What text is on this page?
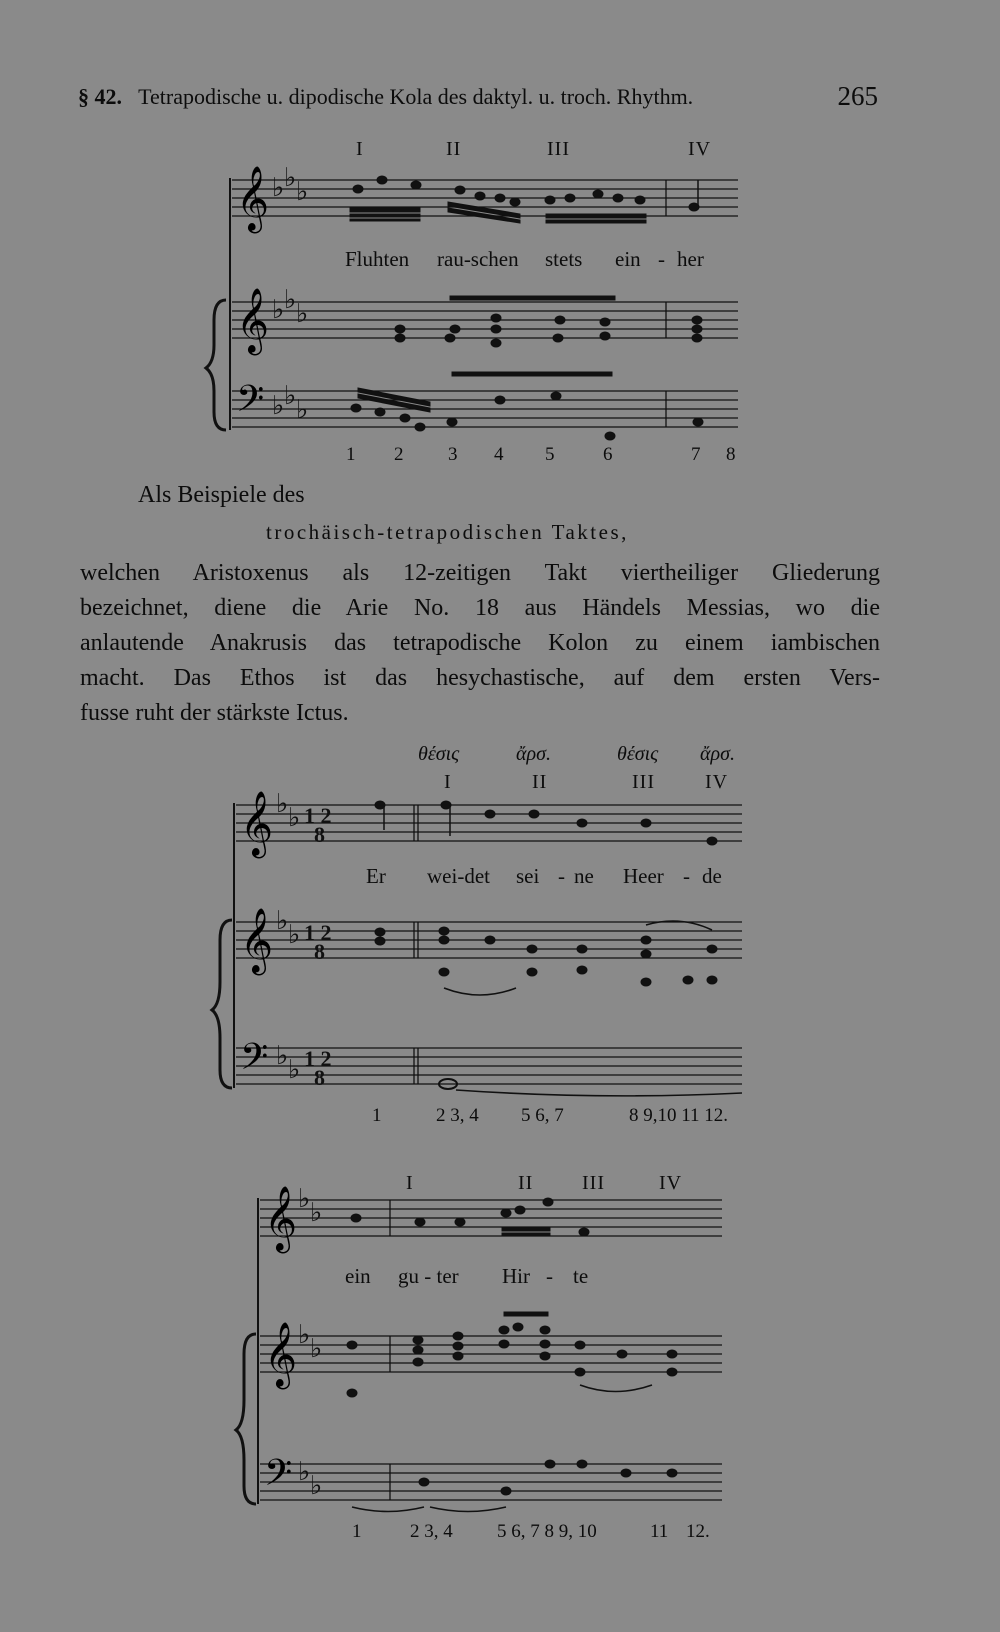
§ 42. Tetrapodische u. dipodische Kola des daktyl. u. troch. Rhythm.	265
I	II	III	IV
𝄞
𝄞
𝄢
♭ ♭ ♭
♭ ♭ ♭
♭ ♭ ♭
Fluhten rau-schen stets ein - her
1 2 3 4 5	6	7 8
Als Beispiele des
trochäisch-tetrapodischen Taktes,

welchen Aristoxenus als 12-zeitigen Takt viertheiliger Gliederung

bezeichnet, diene die Arie No. 18 aus Händels Messias, wo die

anlautende Anakrusis das tetrapodische Kolon zu einem iambischen

macht. Das Ethos ist das hesychastische, auf dem ersten Vers-

fusse ruht der stärkste Ictus.

θέσις	ἄρσ.	θέσις ἄρσ.
I	II	III	IV
𝄞
𝄞
𝄢
♭ ♭
♭ ♭
♭ ♭
1 2
8
1 2
8
1 2
8
Er wei-det sei - ne Heer - de
1	2 3, 4 5 6, 7	8 9,10 11 12.
I	II III	IV
𝄞
𝄞
𝄢
♭ ♭
♭ ♭
♭ ♭
ein gu - ter Hir - te
1	2 3, 4 5 6, 7 8 9, 10	11 12.
